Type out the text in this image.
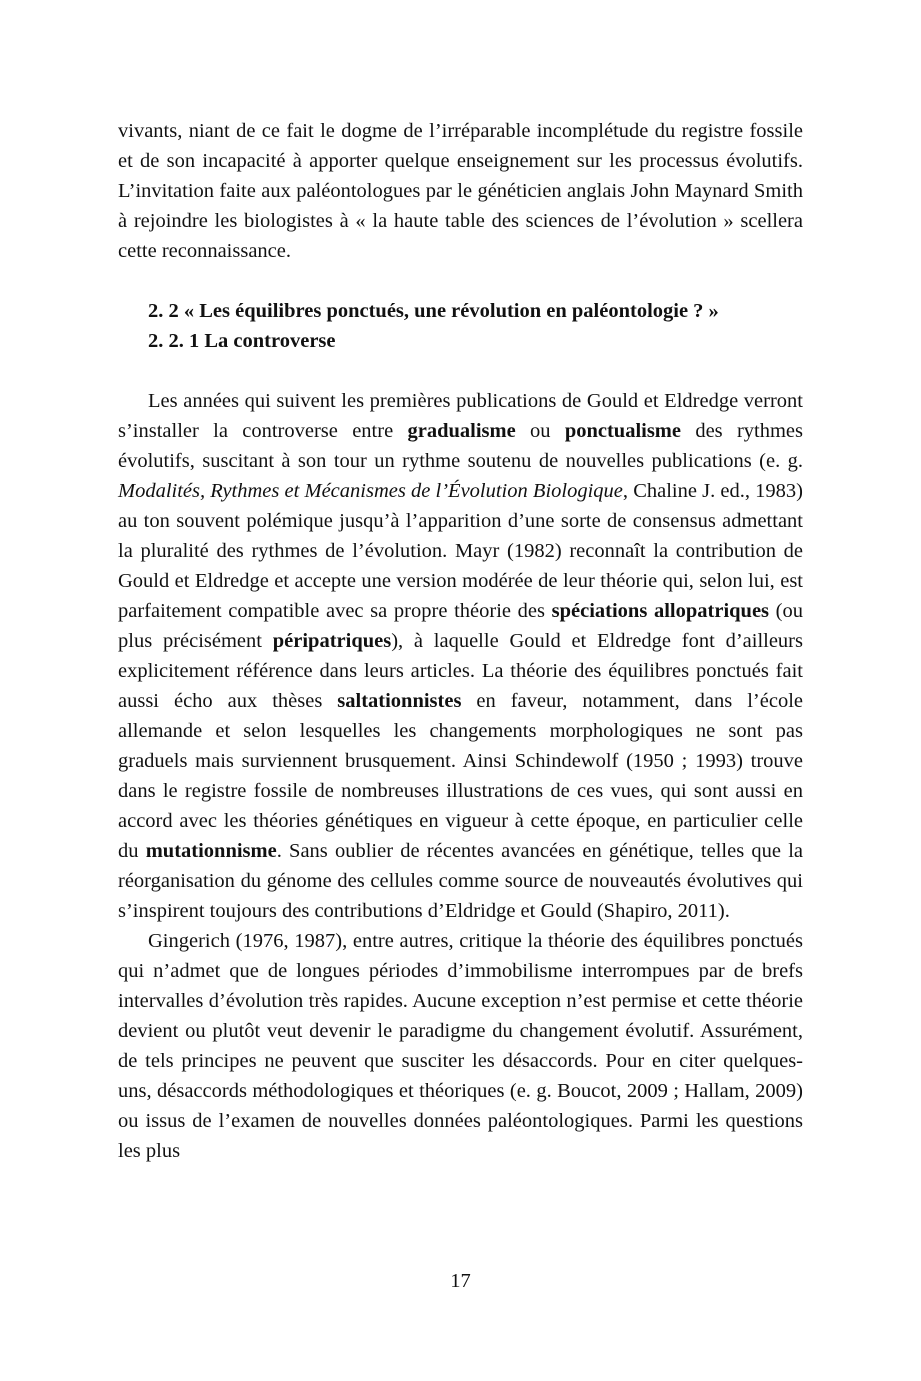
vivants, niant de ce fait le dogme de l’irréparable incomplétude du registre fossile et de son incapacité à apporter quelque enseignement sur les processus évolutifs. L’invitation faite aux paléontologues par le généticien anglais John Maynard Smith à rejoindre les biologistes à « la haute table des sciences de l’évolution » scellera cette reconnaissance.

2. 2 « Les équilibres ponctués, une révolution en paléontologie ? »

2. 2. 1 La controverse

Les années qui suivent les premières publications de Gould et Eldredge verront s’installer la controverse entre gradualisme ou ponctualisme des rythmes évolutifs, suscitant à son tour un rythme soutenu de nouvelles publications (e. g. Modalités, Rythmes et Mécanismes de l’Évolution Biologique, Chaline J. ed., 1983) au ton souvent polémique jusqu’à l’apparition d’une sorte de consensus admettant la pluralité des rythmes de l’évolution. Mayr (1982) reconnaît la contribution de Gould et Eldredge et accepte une version modérée de leur théorie qui, selon lui, est parfaitement compatible avec sa propre théorie des spéciations allopatriques (ou plus précisément péripatriques), à laquelle Gould et Eldredge font d’ailleurs explicitement référence dans leurs articles. La théorie des équilibres ponctués fait aussi écho aux thèses saltationnistes en faveur, notamment, dans l’école allemande et selon lesquelles les changements morphologiques ne sont pas graduels mais surviennent brusquement. Ainsi Schindewolf (1950 ; 1993) trouve dans le registre fossile de nombreuses illustrations de ces vues, qui sont aussi en accord avec les théories génétiques en vigueur à cette époque, en particulier celle du mutationnisme. Sans oublier de récentes avancées en génétique, telles que la réorganisation du génome des cellules comme source de nouveautés évolutives qui s’inspirent toujours des contributions d’Eldridge et Gould (Shapiro, 2011).

Gingerich (1976, 1987), entre autres, critique la théorie des équilibres ponctués qui n’admet que de longues périodes d’immobilisme interrompues par de brefs intervalles d’évolution très rapides. Aucune exception n’est permise et cette théorie devient ou plutôt veut devenir le paradigme du changement évolutif. Assurément, de tels principes ne peuvent que susciter les désaccords. Pour en citer quelques-uns, désaccords méthodologiques et théoriques (e. g. Boucot, 2009 ; Hallam, 2009) ou issus de l’examen de nouvelles données paléontologiques. Parmi les questions les plus

17
